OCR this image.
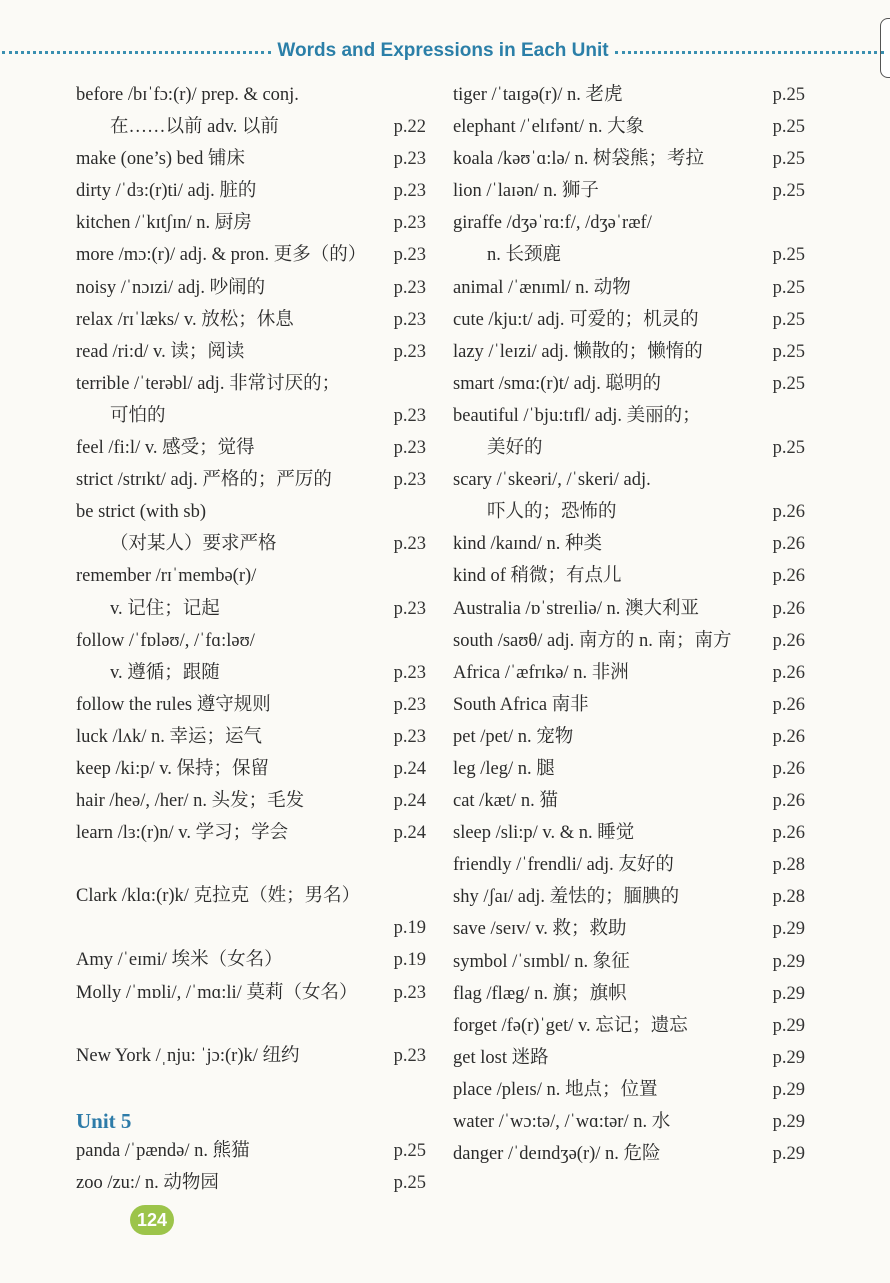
Words and Expressions in Each Unit
before /bɪˈfɔ:(r)/ prep. & conj.
在……以前 adv. 以前	p.22
make (one’s) bed 铺床	p.23
dirty /ˈdɜ:(r)ti/ adj. 脏的	p.23
kitchen /ˈkɪtʃɪn/ n. 厨房	p.23
more /mɔ:(r)/ adj. & pron. 更多（的） p.23
noisy /ˈnɔɪzi/ adj. 吵闹的	p.23
relax /rɪˈlæks/ v. 放松；休息	p.23
read /ri:d/ v. 读；阅读	p.23
terrible /ˈterəbl/ adj. 非常讨厌的；
可怕的	p.23
feel /fi:l/ v. 感受；觉得	p.23
strict /strɪkt/ adj. 严格的；严厉的	p.23
be strict (with sb)
（对某人）要求严格	p.23
remember /rɪˈmembə(r)/
v. 记住；记起	p.23
follow /ˈfɒləʊ/, /ˈfɑ:ləʊ/
v. 遵循；跟随	p.23
follow the rules 遵守规则	p.23
luck /lʌk/ n. 幸运；运气	p.23
keep /ki:p/ v. 保持；保留	p.24
hair /heə/, /her/ n. 头发；毛发	p.24
learn /lɜ:(r)n/ v. 学习；学会	p.24
Clark /klɑ:(r)k/ 克拉克（姓；男名）
p.19
Amy /ˈeɪmi/ 埃米（女名）	p.19
Molly /ˈmɒli/, /ˈmɑ:li/ 莫莉（女名） p.23
New York /ˌnju: ˈjɔ:(r)k/ 纽约	p.23
Unit 5
panda /ˈpændə/ n. 熊猫	p.25
zoo /zu:/ n. 动物园	p.25
tiger /ˈtaɪgə(r)/ n. 老虎	p.25
elephant /ˈelɪfənt/ n. 大象	p.25
koala /kəʊˈɑ:lə/ n. 树袋熊；考拉	p.25
lion /ˈlaɪən/ n. 狮子	p.25
giraffe /dʒəˈrɑ:f/, /dʒəˈræf/
n. 长颈鹿	p.25
animal /ˈænɪml/ n. 动物	p.25
cute /kju:t/ adj. 可爱的；机灵的	p.25
lazy /ˈleɪzi/ adj. 懒散的；懒惰的	p.25
smart /smɑ:(r)t/ adj. 聪明的	p.25
beautiful /ˈbju:tɪfl/ adj. 美丽的；
美好的	p.25
scary /ˈskeəri/, /ˈskeri/ adj.
吓人的；恐怖的	p.26
kind /kaɪnd/ n. 种类	p.26
kind of 稍微；有点儿	p.26
Australia /ɒˈstreɪliə/ n. 澳大利亚	p.26
south /saʊθ/ adj. 南方的 n. 南；南方 p.26
Africa /ˈæfrɪkə/ n. 非洲	p.26
South Africa 南非	p.26
pet /pet/ n. 宠物	p.26
leg /leg/ n. 腿	p.26
cat /kæt/ n. 猫	p.26
sleep /sli:p/ v. & n. 睡觉	p.26
friendly /ˈfrendli/ adj. 友好的	p.28
shy /ʃaɪ/ adj. 羞怯的；腼腆的	p.28
save /seɪv/ v. 救；救助	p.29
symbol /ˈsɪmbl/ n. 象征	p.29
flag /flæg/ n. 旗；旗帜	p.29
forget /fə(r)ˈget/ v. 忘记；遗忘	p.29
get lost 迷路	p.29
place /pleɪs/ n. 地点；位置	p.29
water /ˈwɔ:tə/, /ˈwɑ:tər/ n. 水	p.29
danger /ˈdeɪndʒə(r)/ n. 危险	p.29
124
